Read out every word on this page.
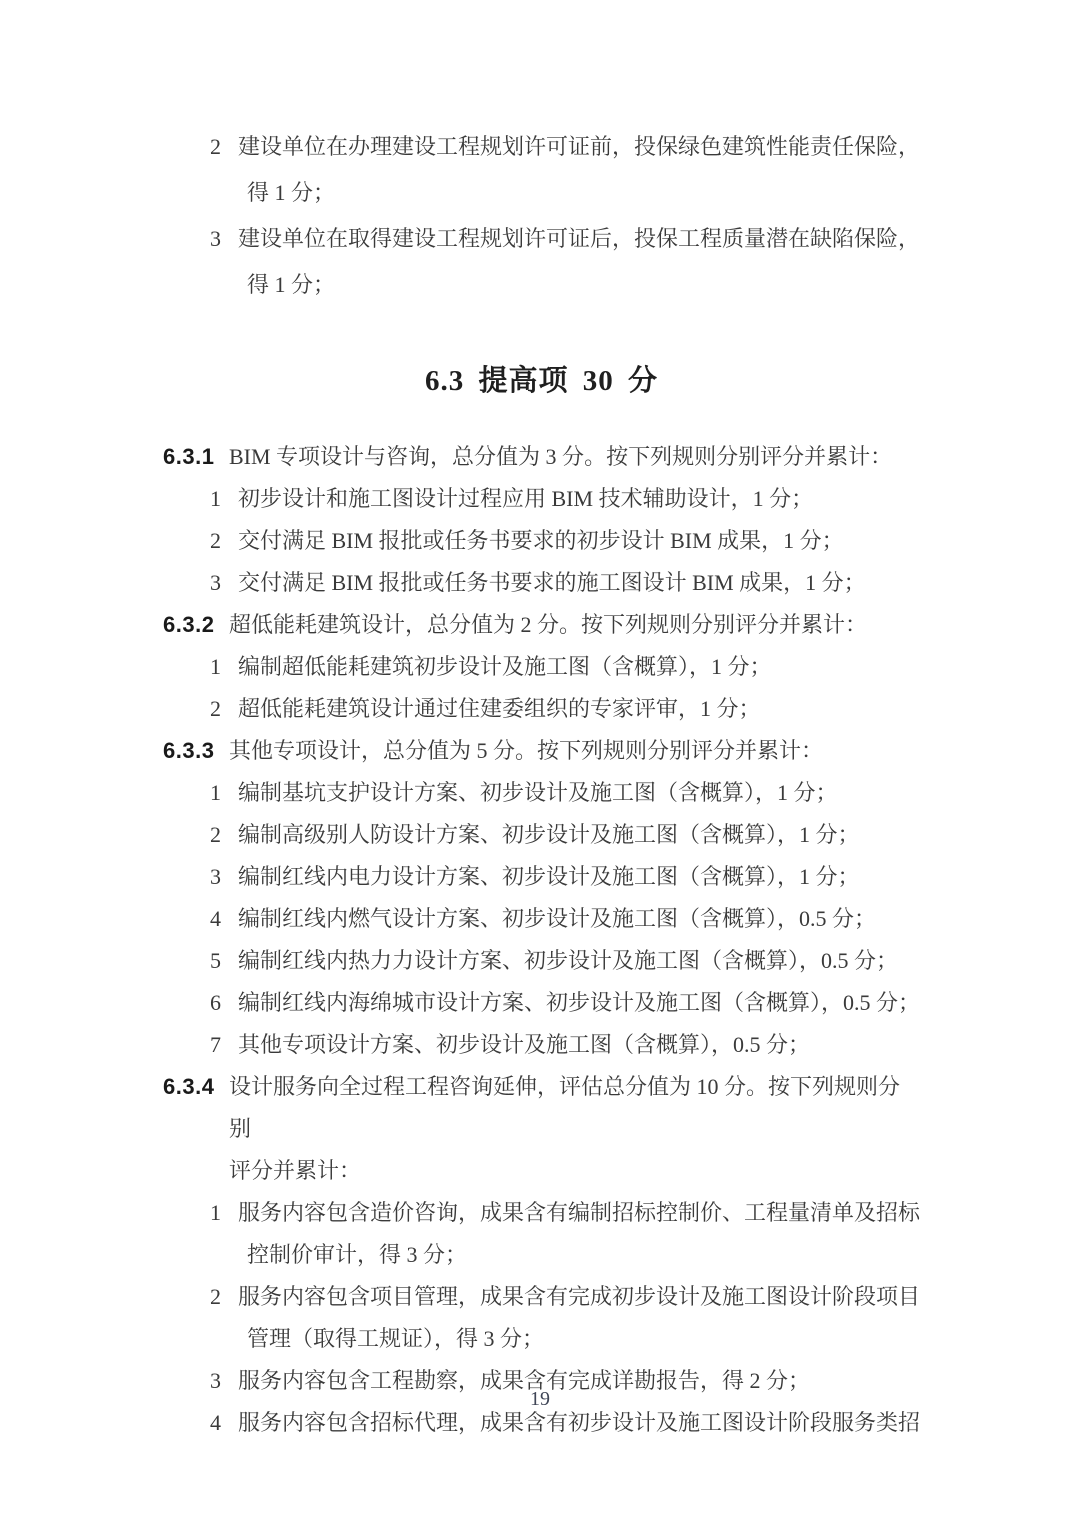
2 建设单位在办理建设工程规划许可证前，投保绿色建筑性能责任保险，
得 1 分；
3 建设单位在取得建设工程规划许可证后，投保工程质量潜在缺陷保险，
得 1 分；
6.3 提高项 30 分
6.3.1 BIM 专项设计与咨询，总分值为 3 分。按下列规则分别评分并累计：
1 初步设计和施工图设计过程应用 BIM 技术辅助设计，1 分；
2 交付满足 BIM 报批或任务书要求的初步设计 BIM 成果，1 分；
3 交付满足 BIM 报批或任务书要求的施工图设计 BIM 成果，1 分；
6.3.2 超低能耗建筑设计，总分值为 2 分。按下列规则分别评分并累计：
1 编制超低能耗建筑初步设计及施工图（含概算），1 分；
2 超低能耗建筑设计通过住建委组织的专家评审，1 分；
6.3.3 其他专项设计，总分值为 5 分。按下列规则分别评分并累计：
1 编制基坑支护设计方案、初步设计及施工图（含概算），1 分；
2 编制高级别人防设计方案、初步设计及施工图（含概算），1 分；
3 编制红线内电力设计方案、初步设计及施工图（含概算），1 分；
4 编制红线内燃气设计方案、初步设计及施工图（含概算），0.5 分；
5 编制红线内热力力设计方案、初步设计及施工图（含概算），0.5 分；
6 编制红线内海绵城市设计方案、初步设计及施工图（含概算），0.5 分；
7 其他专项设计方案、初步设计及施工图（含概算），0.5 分；
6.3.4 设计服务向全过程工程咨询延伸，评估总分值为 10 分。按下列规则分别
评分并累计：
1 服务内容包含造价咨询，成果含有编制招标控制价、工程量清单及招标
控制价审计，得 3 分；
2 服务内容包含项目管理，成果含有完成初步设计及施工图设计阶段项目
管理（取得工规证），得 3 分；
3 服务内容包含工程勘察，成果含有完成详勘报告，得 2 分；
4 服务内容包含招标代理，成果含有初步设计及施工图设计阶段服务类招
19
